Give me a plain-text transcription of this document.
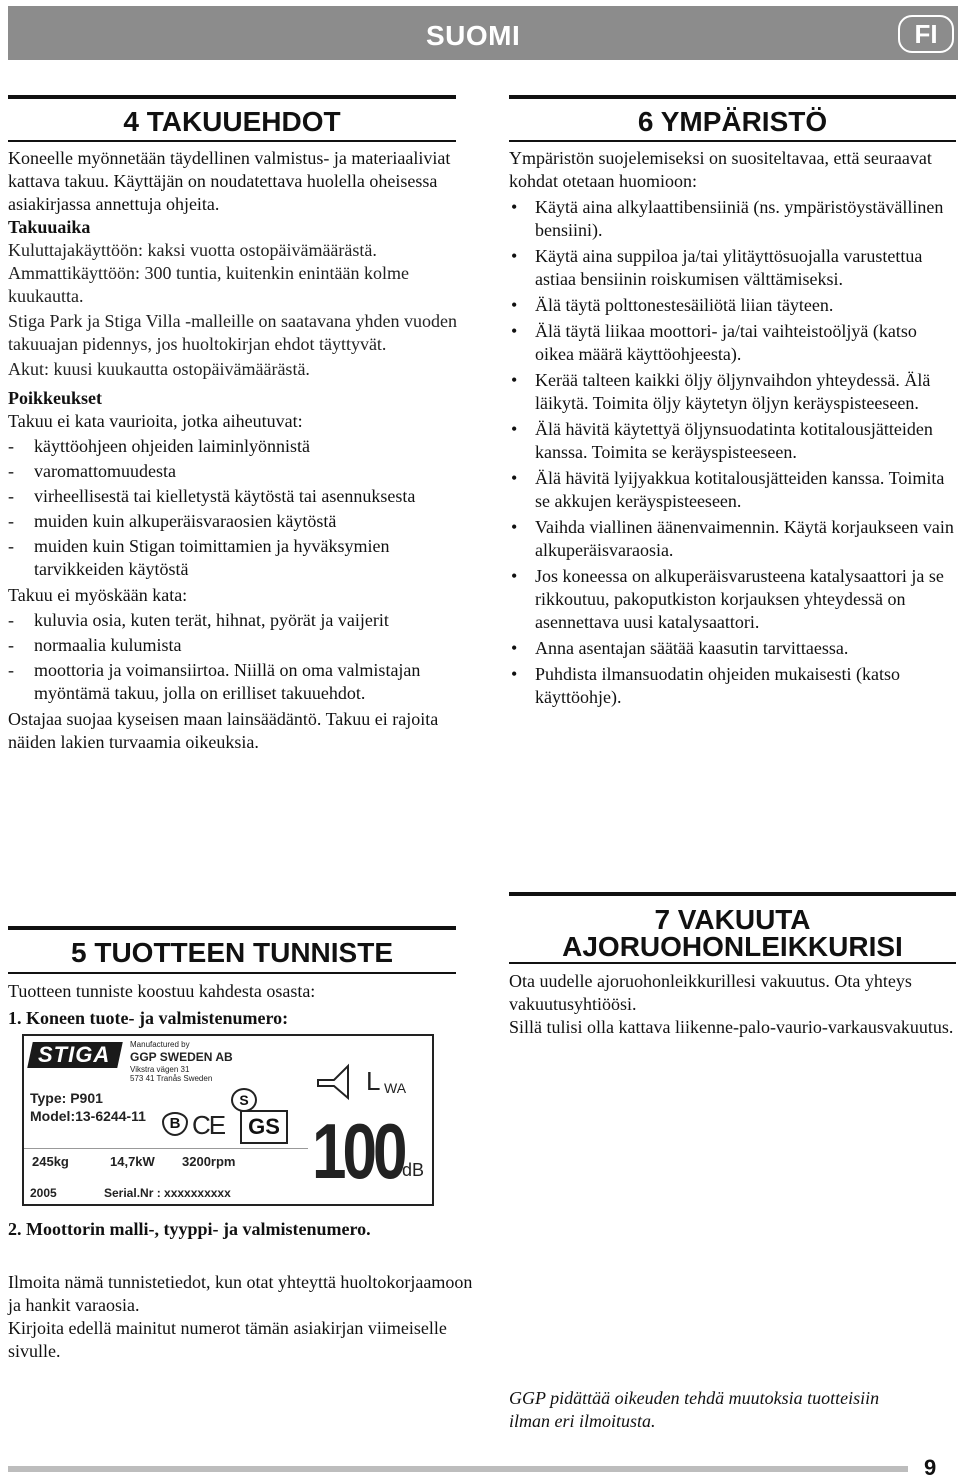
SUOMI	FI
4 TAKUUEHDOT

Koneelle myönnetään täydellinen valmistus- ja materiaaliviat kattava takuu. Käyttäjän on noudatettava huolella oheisessa asiakirjassa annettuja ohjeita.

Takuuaika

Kuluttajakäyttöön: kaksi vuotta ostopäivämäärästä.

Ammattikäyttöön: 300 tuntia, kuitenkin enintään kolme kuukautta.

Stiga Park ja Stiga Villa -malleille on saatavana yhden vuoden takuuajan pidennys, jos huoltokirjan ehdot täyttyvät.

Akut: kuusi kuukautta ostopäivämäärästä.

Poikkeukset

Takuu ei kata vaurioita, jotka aiheutuvat:

- käyttöohjeen ohjeiden laiminlyönnistä
- varomattomuudesta
- virheellisestä tai kielletystä käytöstä tai asennuksesta
- muiden kuin alkuperäisvaraosien käytöstä
- muiden kuin Stigan toimittamien ja hyväksymien tarvikkeiden käytöstä

Takuu ei myöskään kata:

- kuluvia osia, kuten terät, hihnat, pyörät ja vaijerit
- normaalia kulumista
- moottoria ja voimansiirtoa. Niillä on oma valmistajan myöntämä takuu, jolla on erilliset takuuehdot.

Ostajaa suojaa kyseisen maan lainsäädäntö. Takuu ei rajoita näiden lakien turvaamia oikeuksia.

5 TUOTTEEN TUNNISTE

Tuotteen tunniste koostuu kahdesta osasta:

1. Koneen tuote- ja valmistenumero:

STIGA Manufactured by
GGP SWEDEN AB
Vikstra vägen 31
573 41 Tranås Sweden
Type: P901
Model:13-6244-11	B CE
S
GS
L WA
100
dB
245kg	14,7kW 3200rpm
2005	Serial.Nr : xxxxxxxxxx

2. Moottorin malli-, tyyppi- ja valmistenumero.

Ilmoita nämä tunnistetiedot, kun otat yhteyttä huoltokorjaamoon ja hankit varaosia.

Kirjoita edellä mainitut numerot tämän asiakirjan viimeiselle sivulle.

6 YMPÄRISTÖ

Ympäristön suojelemiseksi on suositeltavaa, että seuraavat kohdat otetaan huomioon:

• Käytä aina alkylaattibensiiniä (ns. ympäristöystävällinen bensiini).
• Käytä aina suppiloa ja/tai ylitäyttösuojalla varustettua astiaa bensiinin roiskumisen välttämiseksi.
• Älä täytä polttonestesäiliötä liian täyteen.
• Älä täytä liikaa moottori- ja/tai vaihteistoöljyä (katso oikea määrä käyttöohjeesta).
• Kerää talteen kaikki öljy öljynvaihdon yhteydessä. Älä läikytä. Toimita öljy käytetyn öljyn keräyspisteeseen.
• Älä hävitä käytettyä öljynsuodatinta kotitalousjätteiden kanssa. Toimita se keräyspisteeseen.
• Älä hävitä lyijyakkua kotitalousjätteiden kanssa. Toimita se akkujen keräyspisteeseen.
• Vaihda viallinen äänenvaimennin. Käytä korjaukseen vain alkuperäisvaraosia.
• Jos koneessa on alkuperäisvarusteena katalysaattori ja se rikkoutuu, pakoputkiston korjauksen yhteydessä on asennettava uusi katalysaattori.
• Anna asentajan säätää kaasutin tarvittaessa.
• Puhdista ilmansuodatin ohjeiden mukaisesti (katso käyttöohje).
7 VAKUUTA
AJORUOHONLEIKKURISI

Ota uudelle ajoruohonleikkurillesi vakuutus. Ota yhteys vakuutusyhtiöösi.

Sillä tulisi olla kattava liikenne-palo-vaurio-varkausvakuutus.

GGP pidättää oikeuden tehdä muutoksia tuotteisiin ilman eri ilmoitusta.

9
